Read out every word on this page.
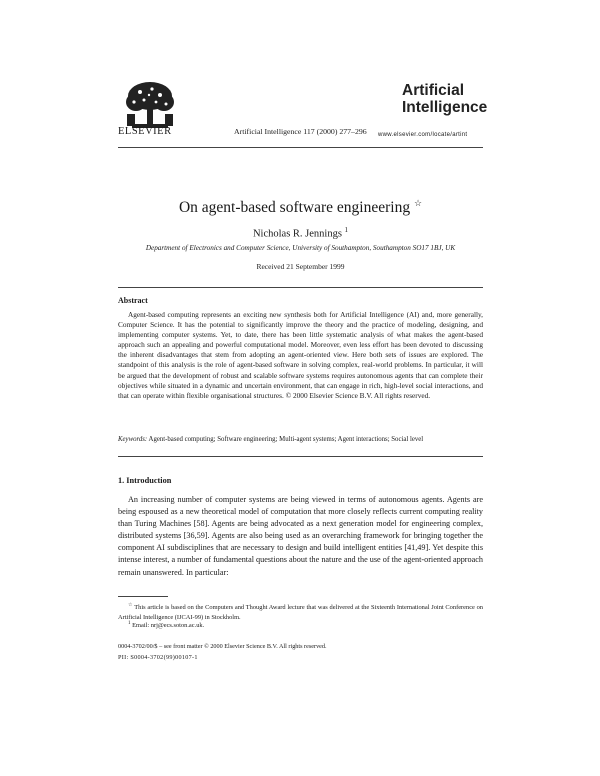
ELSEVIER	Artificial Intelligence 117 (2000) 277–296
Artificial
Intelligence
www.elsevier.com/locate/artint
On agent-based software engineering ☆
Nicholas R. Jennings $^1$
Department of Electronics and Computer Science, University of Southampton, Southampton SO17 1BJ, UK
Received 21 September 1999
Abstract
Agent-based computing represents an exciting new synthesis both for Artificial Intelligence (AI) and, more generally, Computer Science. It has the potential to significantly improve the theory and the practice of modeling, designing, and implementing computer systems. Yet, to date, there has been little systematic analysis of what makes the agent-based approach such an appealing and powerful computational model. Moreover, even less effort has been devoted to discussing the inherent disadvantages that stem from adopting an agent-oriented view. Here both sets of issues are explored. The standpoint of this analysis is the role of agent-based software in solving complex, real-world problems. In particular, it will be argued that the development of robust and scalable software systems requires autonomous agents that can complete their objectives while situated in a dynamic and uncertain environment, that can engage in rich, high-level social interactions, and that can operate within flexible organisational structures. © 2000 Elsevier Science B.V. All rights reserved.
Keywords: Agent-based computing; Software engineering; Multi-agent systems; Agent interactions; Social level
1. Introduction
An increasing number of computer systems are being viewed in terms of autonomous agents. Agents are being espoused as a new theoretical model of computation that more closely reflects current computing reality than Turing Machines [58]. Agents are being advocated as a next generation model for engineering complex, distributed systems [36,59]. Agents are also being used as an overarching framework for bringing together the component AI subdisciplines that are necessary to design and build intelligent entities [41,49]. Yet despite this intense interest, a number of fundamental questions about the nature and the use of the agent-oriented approach remain unanswered. In particular:
☆ This article is based on the Computers and Thought Award lecture that was delivered at the Sixteenth International Joint Conference on Artificial Intelligence (IJCAI-99) in Stockholm.
$^1$ Email: nrj@ecs.soton.ac.uk.
0004-3702/00/$ – see front matter © 2000 Elsevier Science B.V. All rights reserved.
PII: S0004-3702(99)00107-1
